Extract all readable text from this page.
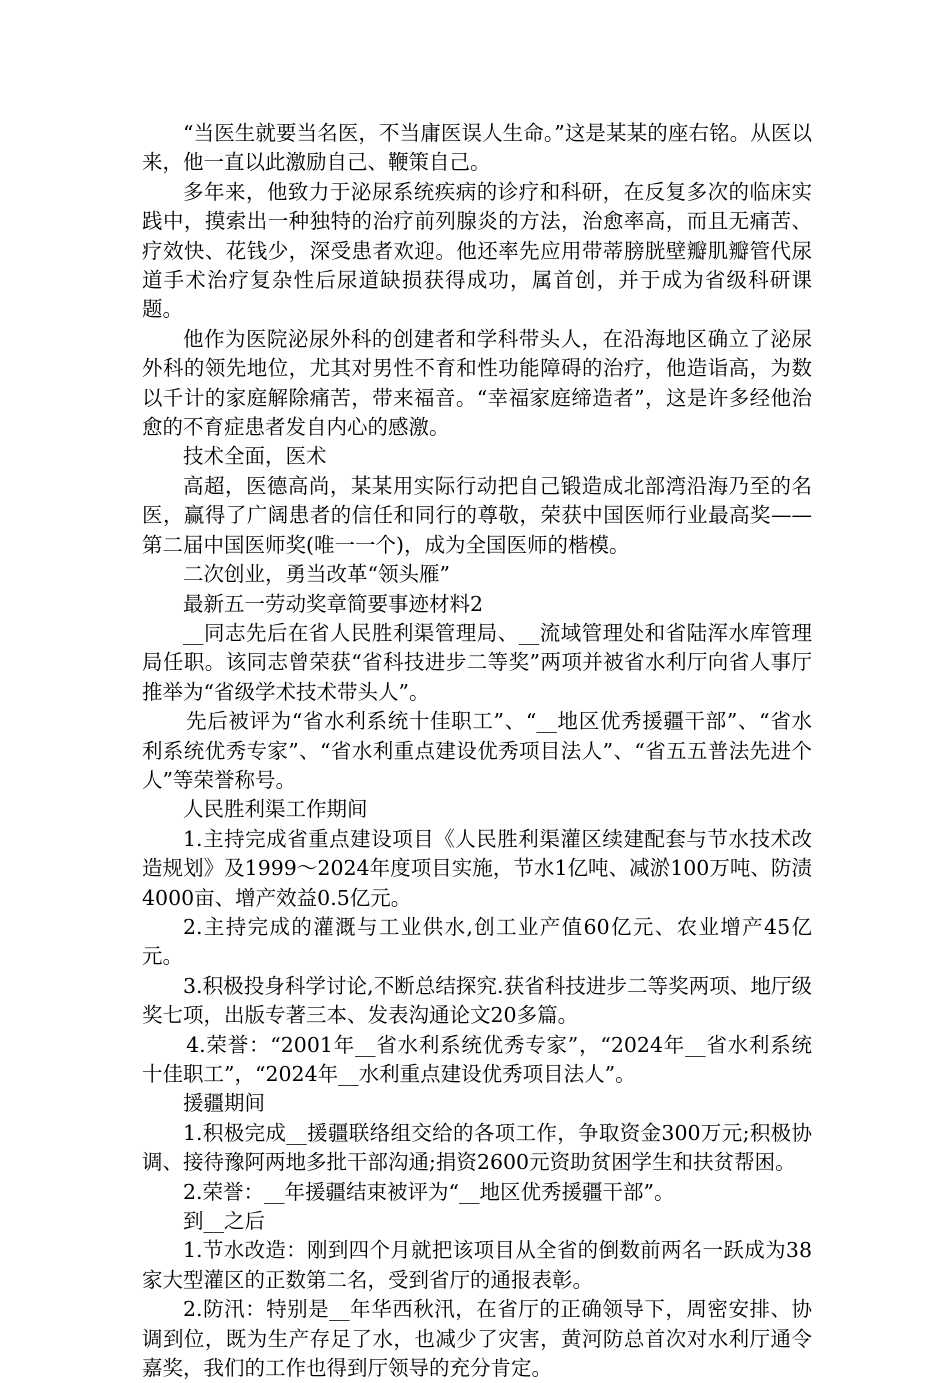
“当医生就要当名医，不当庸医误人生命。”这是某某的座右铭。从医以来，他一直以此激励自己、鞭策自己。

多年来，他致力于泌尿系统疾病的诊疗和科研，在反复多次的临床实践中，摸索出一种独特的治疗前列腺炎的方法，治愈率高，而且无痛苦、疗效快、花钱少，深受患者欢迎。他还率先应用带蒂膀胱壁瓣肌瓣管代尿道手术治疗复杂性后尿道缺损获得成功，属首创，并于成为省级科研课题。

他作为医院泌尿外科的创建者和学科带头人，在沿海地区确立了泌尿外科的领先地位，尤其对男性不育和性功能障碍的治疗，他造诣高，为数以千计的家庭解除痛苦，带来福音。“幸福家庭缔造者”，这是许多经他治愈的不育症患者发自内心的感激。

技术全面，医术

高超，医德高尚，某某用实际行动把自己锻造成北部湾沿海乃至的名医，赢得了广阔患者的信任和同行的尊敬，荣获中国医师行业最高奖——第二届中国医师奖(唯一一个)，成为全国医师的楷模。

二次创业，勇当改革“领头雁”

最新五一劳动奖章简要事迹材料2

__同志先后在省人民胜利渠管理局、__流域管理处和省陆浑水库管理局任职。该同志曾荣获“省科技进步二等奖”两项并被省水利厅向省人事厅推举为“省级学术技术带头人”。

先后被评为“省水利系统十佳职工”、“__地区优秀援疆干部”、“省水利系统优秀专家”、“省水利重点建设优秀项目法人”、“省五五普法先进个人”等荣誉称号。

人民胜利渠工作期间

1.主持完成省重点建设项目《人民胜利渠灌区续建配套与节水技术改造规划》及1999～2024年度项目实施，节水1亿吨、减淤100万吨、防渍4000亩、增产效益0.5亿元。

2.主持完成的灌溉与工业供水,创工业产值60亿元、农业增产45亿元。

3.积极投身科学讨论,不断总结探究.获省科技进步二等奖两项、地厅级奖七项，出版专著三本、发表沟通论文20多篇。

4.荣誉：“2001年__省水利系统优秀专家”，“2024年__省水利系统十佳职工”，“2024年__水利重点建设优秀项目法人”。

援疆期间

1.积极完成__援疆联络组交给的各项工作，争取资金300万元;积极协调、接待豫阿两地多批干部沟通;捐资2600元资助贫困学生和扶贫帮困。

2.荣誉：__年援疆结束被评为“__地区优秀援疆干部”。

到__之后

1.节水改造：刚到四个月就把该项目从全省的倒数前两名一跃成为38家大型灌区的正数第二名，受到省厅的通报表彰。

2.防汛：特别是__年华西秋汛，在省厅的正确领导下，周密安排、协调到位，既为生产存足了水，也减少了灾害，黄河防总首次对水利厅通令嘉奖，我们的工作也得到厅领导的充分肯定。
